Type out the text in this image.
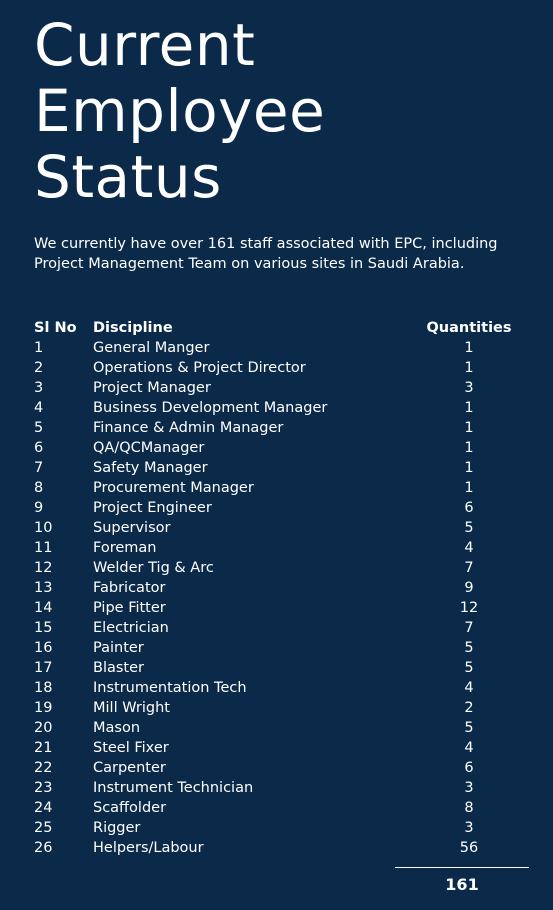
Current
Employee
Status

We currently have over 161 staff associated with EPC, including Project Management Team on various sites in Saudi Arabia.

Sl No	Discipline	Quantities
1	General Manger	1
2	Operations & Project Director	1
3	Project Manager	3
4	Business Development Manager	1
5	Finance & Admin Manager	1
6	QA/QCManager	1
7	Safety Manager	1
8	Procurement Manager	1
9	Project Engineer	6
10	Supervisor	5
11	Foreman	4
12	Welder Tig & Arc	7
13	Fabricator	9
14	Pipe Fitter	12
15	Electrician	7
16	Painter	5
17	Blaster	5
18	Instrumentation Tech	4
19	Mill Wright	2
20	Mason	5
21	Steel Fixer	4
22	Carpenter	6
23	Instrument Technician	3
24	Scaffolder	8
25	Rigger	3
26	Helpers/Labour	56
161
